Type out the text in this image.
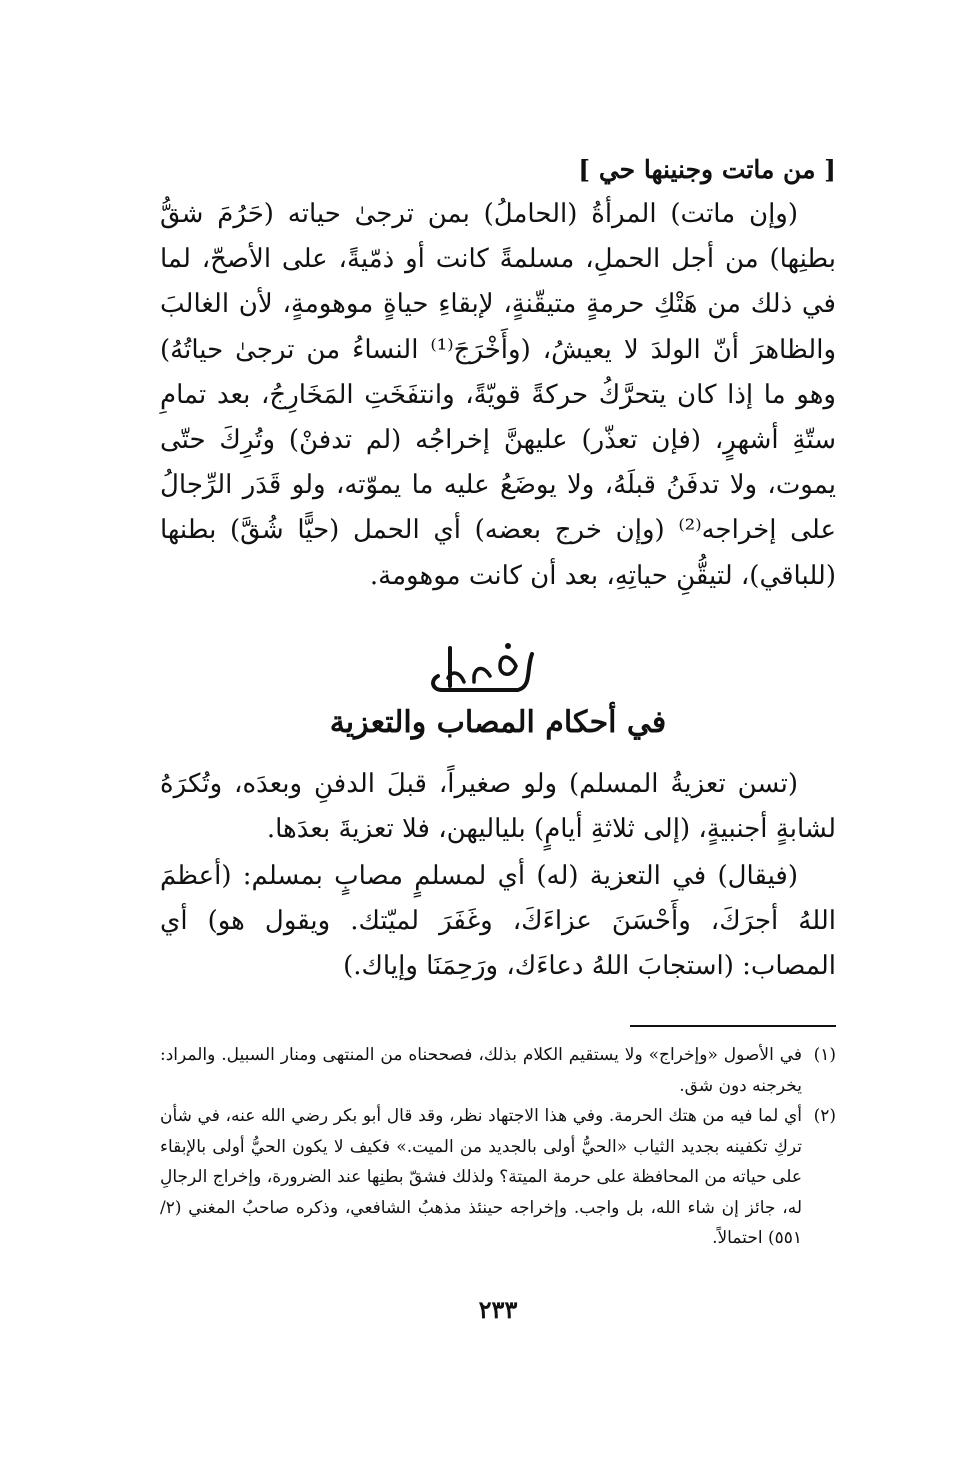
[ من ماتت وجنينها حي ]

(وإن ماتت) المرأةُ (الحاملُ) بمن ترجىٰ حياته (حَرُمَ شقُّ بطنِها) من أجل الحملِ، مسلمةً كانت أو ذمّيةً، على الأصحّ، لما في ذلك من هَتْكِ حرمةٍ متيقّنةٍ، لإبقاءِ حياةٍ موهومةٍ، لأن الغالبَ والظاهرَ أنّ الولدَ لا يعيشُ، (وأَخْرَجَ⁽¹⁾ النساءُ من ترجىٰ حياتُهُ) وهو ما إذا كان يتحرَّكُ حركةً قويّةً، وانتفَخَتِ المَخَارِجُ، بعد تمامِ ستّةِ أشهرٍ، (فإن تعذّر) عليهنَّ إخراجُه (لم تدفنْ) وتُرِكَ حتّى يموت، ولا تدفَنُ قبلَهُ، ولا يوضَعُ عليه ما يموّته، ولو قَدَر الرِّجالُ على إخراجه⁽²⁾ (وإن خرج بعضه) أي الحمل (حيًّا شُقَّ) بطنها (للباقي)، لتيقُّنِ حياتِهِ، بعد أن كانت موهومة.

في أحكام المصاب والتعزية

(تسن تعزيةُ المسلم) ولو صغيراً، قبلَ الدفنِ وبعدَه، وتُكرَهُ لشابةٍ أجنبيةٍ، (إلى ثلاثةِ أيامٍ) بلياليهن، فلا تعزيةَ بعدَها.

(فيقال) في التعزية (له) أي لمسلمٍ مصابٍ بمسلم: (أعظمَ اللهُ أجرَكَ، وأَحْسَنَ عزاءَكَ، وغَفَرَ لميّتك. ويقول هو) أي المصاب: (استجابَ اللهُ دعاءَك، ورَحِمَنَا وإياك.)

(١)
في الأصول «وإخراج» ولا يستقيم الكلام بذلك، فصححناه من المنتهى ومنار السبيل. والمراد: يخرجنه دون شق.
(٢)
أي لما فيه من هتك الحرمة. وفي هذا الاجتهاد نظر، وقد قال أبو بكر رضي الله عنه، في شأن تركِ تكفينه بجديد الثياب «الحيُّ أولى بالجديد من الميت.» فكيف لا يكون الحيُّ أولى بالإبقاء على حياته من المحافظة على حرمة الميتة؟ ولذلك فشقّ بطنِها عند الضرورة، وإخراج الرجالِ له، جائز إن شاء الله، بل واجب. وإخراجه حينئذ مذهبُ الشافعي، وذكره صاحبُ المغني (٢/ ٥٥١) احتمالاً.
٢٣٣
